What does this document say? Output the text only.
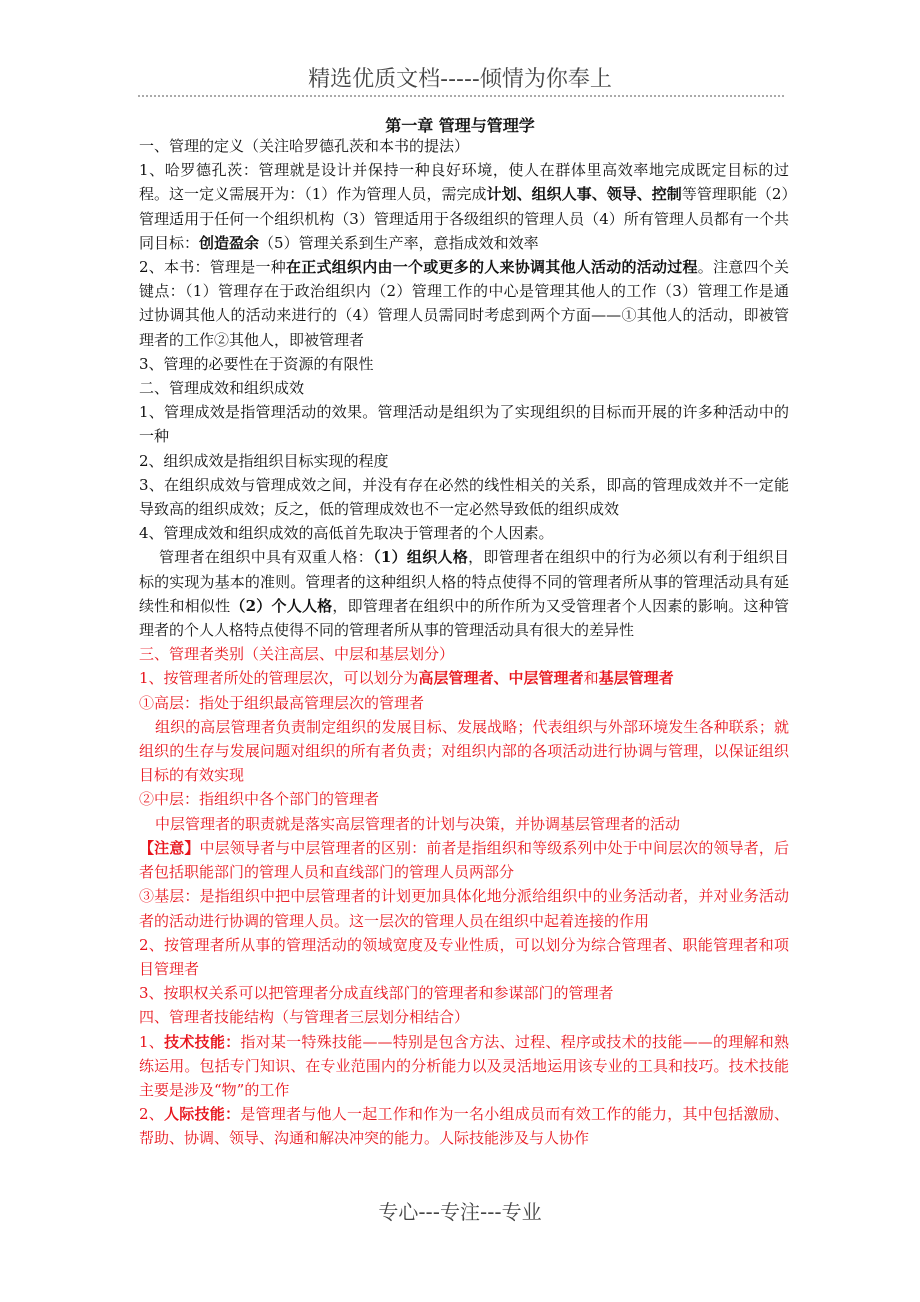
精选优质文档-----倾情为你奉上
第一章 管理与管理学

一、管理的定义（关注哈罗德孔茨和本书的提法）

1、哈罗德孔茨：管理就是设计并保持一种良好环境，使人在群体里高效率地完成既定目标的过程。这一定义需展开为：（1）作为管理人员，需完成计划、组织人事、领导、控制等管理职能（2）管理适用于任何一个组织机构（3）管理适用于各级组织的管理人员（4）所有管理人员都有一个共同目标：创造盈余（5）管理关系到生产率，意指成效和效率

2、本书：管理是一种在正式组织内由一个或更多的人来协调其他人活动的活动过程。注意四个关键点：（1）管理存在于政治组织内（2）管理工作的中心是管理其他人的工作（3）管理工作是通过协调其他人的活动来进行的（4）管理人员需同时考虑到两个方面——①其他人的活动，即被管理者的工作②其他人，即被管理者

3、管理的必要性在于资源的有限性

二、管理成效和组织成效

1、管理成效是指管理活动的效果。管理活动是组织为了实现组织的目标而开展的许多种活动中的一种

2、组织成效是指组织目标实现的程度

3、在组织成效与管理成效之间，并没有存在必然的线性相关的关系，即高的管理成效并不一定能导致高的组织成效；反之，低的管理成效也不一定必然导致低的组织成效

4、管理成效和组织成效的高低首先取决于管理者的个人因素。

管理者在组织中具有双重人格：（1）组织人格，即管理者在组织中的行为必须以有利于组织目标的实现为基本的准则。管理者的这种组织人格的特点使得不同的管理者所从事的管理活动具有延续性和相似性（2）个人人格，即管理者在组织中的所作所为又受管理者个人因素的影响。这种管理者的个人人格特点使得不同的管理者所从事的管理活动具有很大的差异性

三、管理者类别（关注高层、中层和基层划分）

1、按管理者所处的管理层次，可以划分为高层管理者、中层管理者和基层管理者

①高层：指处于组织最高管理层次的管理者

组织的高层管理者负责制定组织的发展目标、发展战略；代表组织与外部环境发生各种联系；就组织的生存与发展问题对组织的所有者负责；对组织内部的各项活动进行协调与管理，以保证组织目标的有效实现

②中层：指组织中各个部门的管理者

中层管理者的职责就是落实高层管理者的计划与决策，并协调基层管理者的活动

【注意】中层领导者与中层管理者的区别：前者是指组织和等级系列中处于中间层次的领导者，后者包括职能部门的管理人员和直线部门的管理人员两部分

③基层：是指组织中把中层管理者的计划更加具体化地分派给组织中的业务活动者，并对业务活动者的活动进行协调的管理人员。这一层次的管理人员在组织中起着连接的作用

2、按管理者所从事的管理活动的领域宽度及专业性质，可以划分为综合管理者、职能管理者和项目管理者

3、按职权关系可以把管理者分成直线部门的管理者和参谋部门的管理者

四、管理者技能结构（与管理者三层划分相结合）

1、技术技能：指对某一特殊技能——特别是包含方法、过程、程序或技术的技能——的理解和熟练运用。包括专门知识、在专业范围内的分析能力以及灵活地运用该专业的工具和技巧。技术技能主要是涉及“物”的工作

2、人际技能：是管理者与他人一起工作和作为一名小组成员而有效工作的能力，其中包括激励、帮助、协调、领导、沟通和解决冲突的能力。人际技能涉及与人协作

专心---专注---专业
